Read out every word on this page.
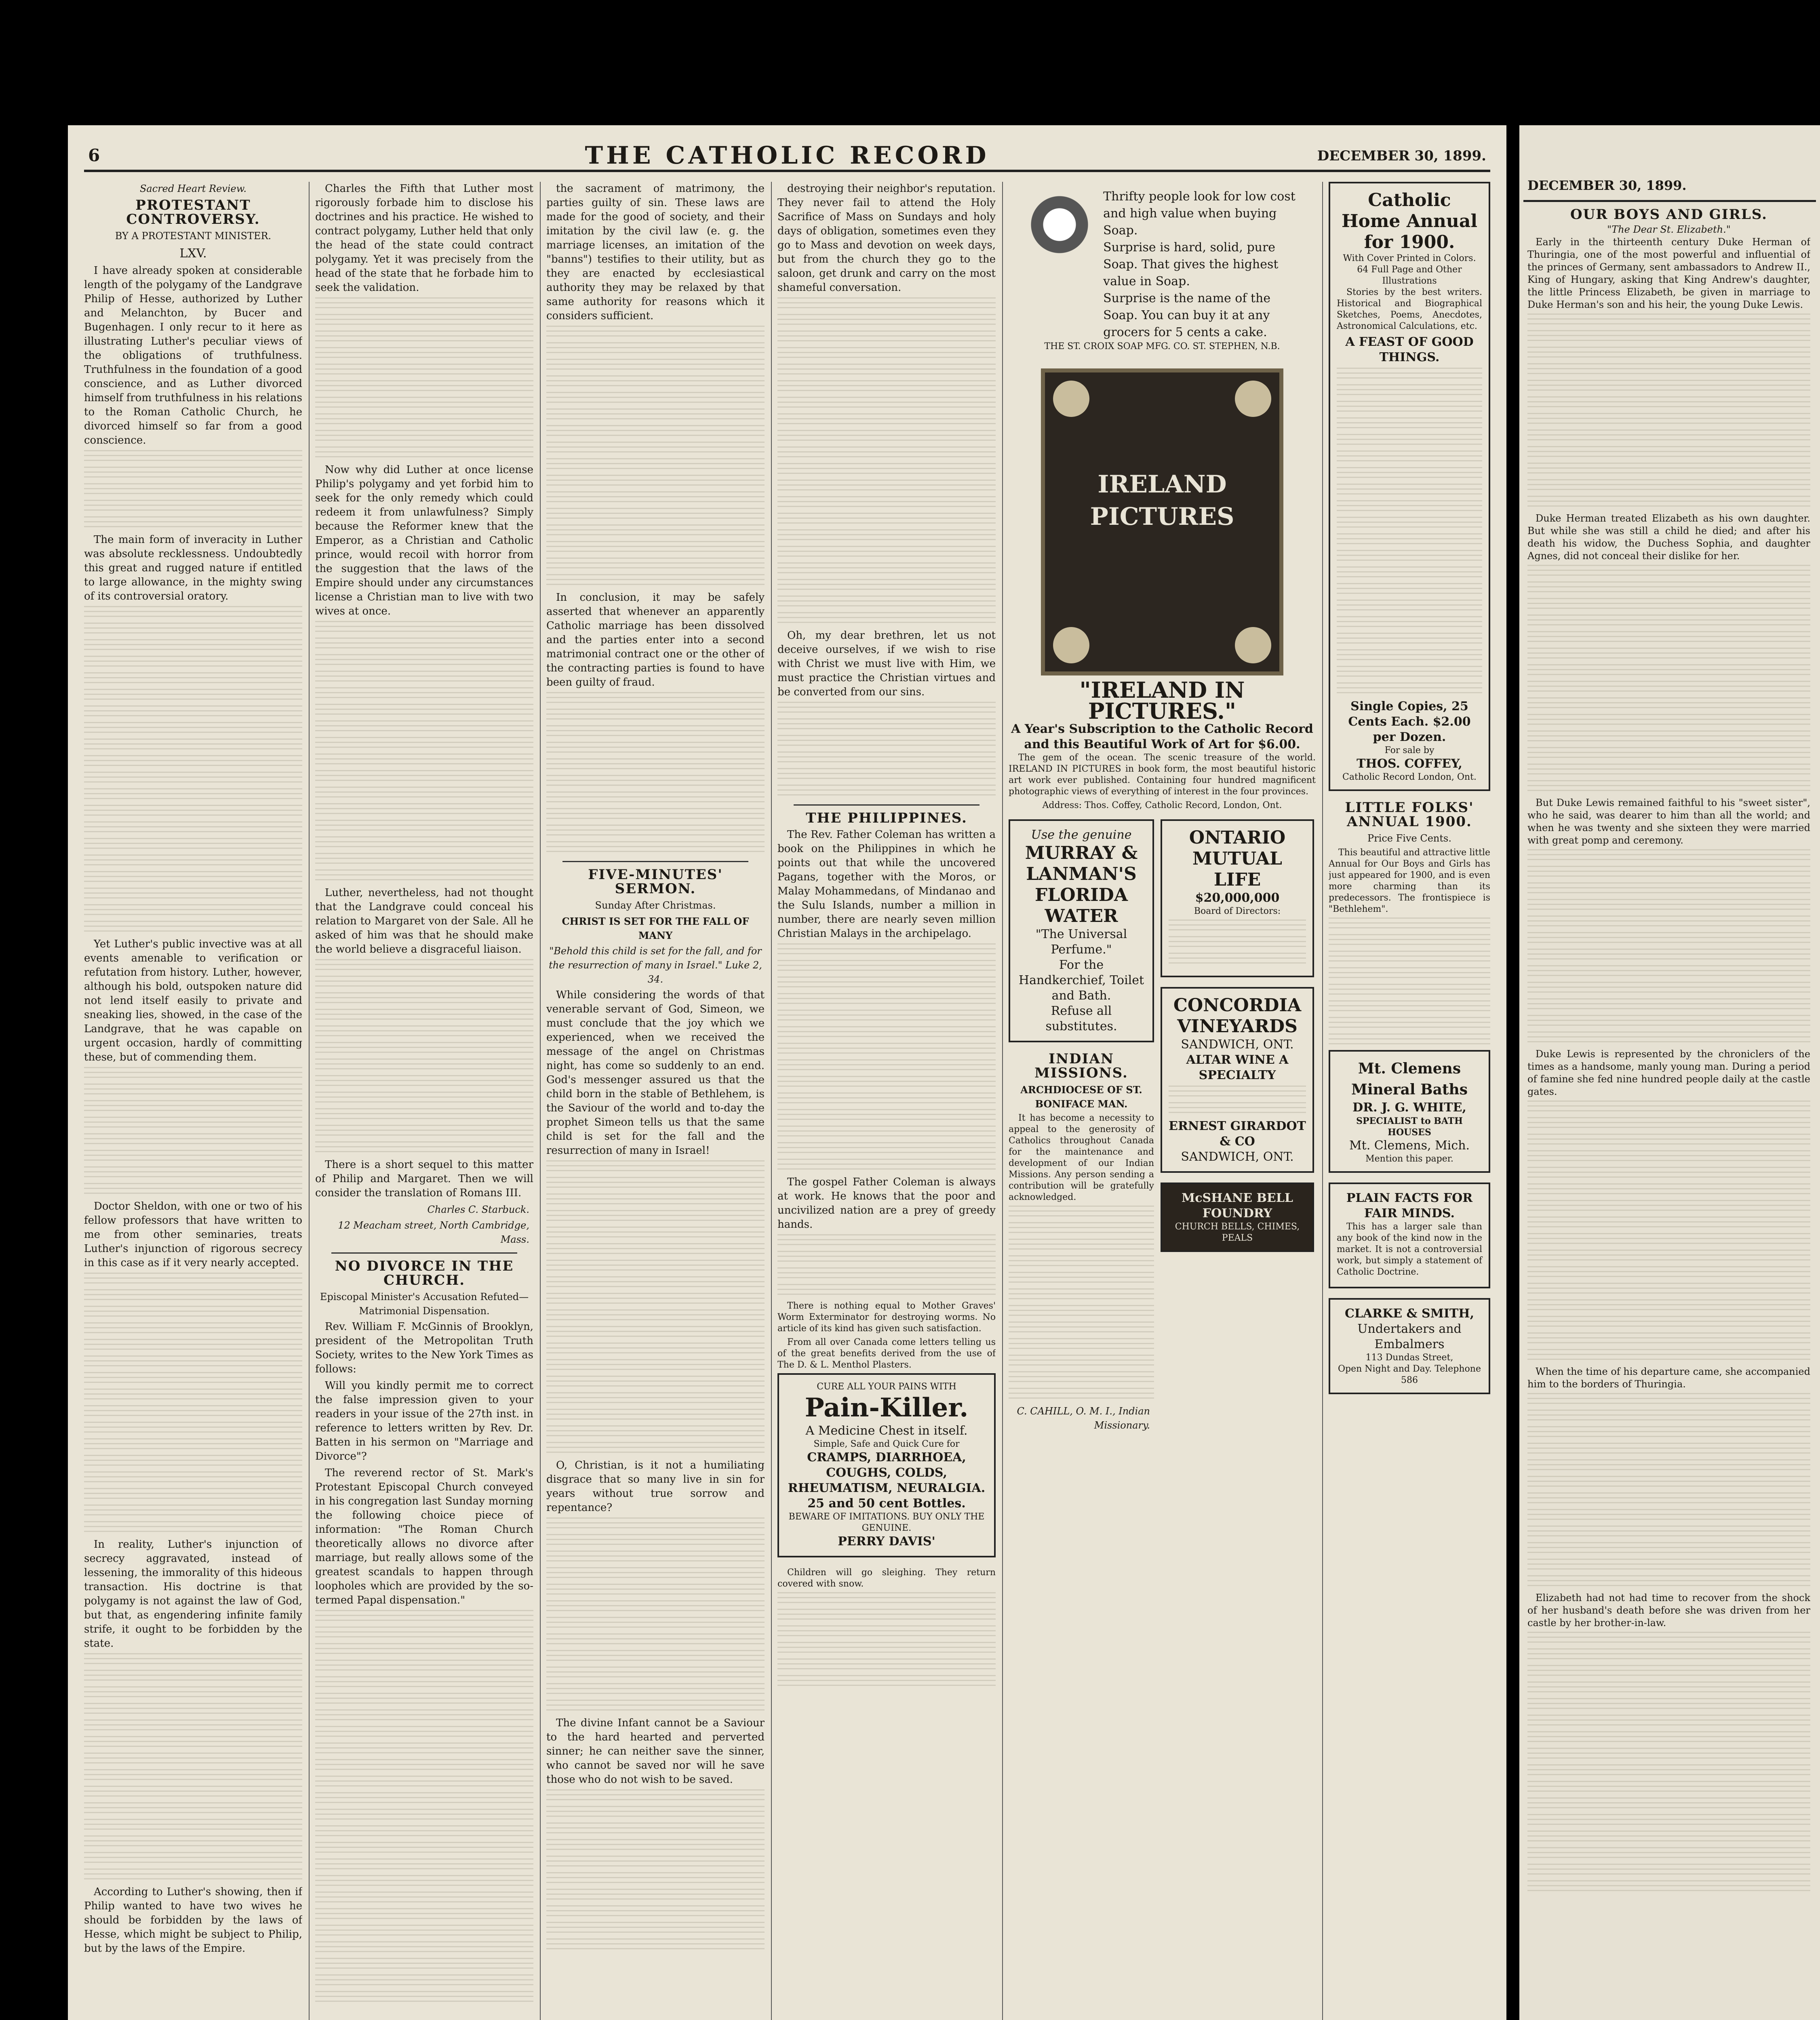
6	THE CATHOLIC RECORD	DECEMBER 30, 1899.
Sacred Heart Review.
PROTESTANT CONTROVERSY.
BY A PROTESTANT MINISTER.
LXV.

I have already spoken at considerable length of the polygamy of the Landgrave Philip of Hesse, authorized by Luther and Melanchton, by Bucer and Bugenhagen. I only recur to it here as illustrating Luther's peculiar views of the obligations of truthfulness. Truthfulness in the foundation of a good conscience, and as Luther divorced himself from truthfulness in his relations to the Roman Catholic Church, he divorced himself so far from a good conscience.

The main form of inveracity in Luther was absolute recklessness. Undoubtedly this great and rugged nature if entitled to large allowance, in the mighty swing of its controversial oratory.

Yet Luther's public invective was at all events amenable to verification or refutation from history. Luther, however, although his bold, outspoken nature did not lend itself easily to private and sneaking lies, showed, in the case of the Landgrave, that he was capable on urgent occasion, hardly of committing these, but of commending them.

Doctor Sheldon, with one or two of his fellow professors that have written to me from other seminaries, treats Luther's injunction of rigorous secrecy in this case as if it very nearly accepted.

In reality, Luther's injunction of secrecy aggravated, instead of lessening, the immorality of this hideous transaction. His doctrine is that polygamy is not against the law of God, but that, as engendering infinite family strife, it ought to be forbidden by the state.

According to Luther's showing, then if Philip wanted to have two wives he should be forbidden by the laws of Hesse, which might be subject to Philip, but by the laws of the Empire.

Charles the Fifth that Luther most rigorously forbade him to disclose his doctrines and his practice. He wished to contract polygamy, Luther held that only the head of the state could contract polygamy. Yet it was precisely from the head of the state that he forbade him to seek the validation.

Now why did Luther at once license Philip's polygamy and yet forbid him to seek for the only remedy which could redeem it from unlawfulness? Simply because the Reformer knew that the Emperor, as a Christian and Catholic prince, would recoil with horror from the suggestion that the laws of the Empire should under any circumstances license a Christian man to live with two wives at once.

Luther, nevertheless, had not thought that the Landgrave could conceal his relation to Margaret von der Sale. All he asked of him was that he should make the world believe a disgraceful liaison.

There is a short sequel to this matter of Philip and Margaret. Then we will consider the translation of Romans III.

Charles C. Starbuck.
12 Meacham street, North Cambridge, Mass.
NO DIVORCE IN THE CHURCH.
Episcopal Minister's Accusation Refuted—Matrimonial Dispensation.

Rev. William F. McGinnis of Brooklyn, president of the Metropolitan Truth Society, writes to the New York Times as follows:

Will you kindly permit me to correct the false impression given to your readers in your issue of the 27th inst. in reference to letters written by Rev. Dr. Batten in his sermon on "Marriage and Divorce"?

The reverend rector of St. Mark's Protestant Episcopal Church conveyed in his congregation last Sunday morning the following choice piece of information: "The Roman Church theoretically allows no divorce after marriage, but really allows some of the greatest scandals to happen through loopholes which are provided by the so-termed Papal dispensation."

the sacrament of matrimony, the parties guilty of sin. These laws are made for the good of society, and their imitation by the civil law (e. g. the marriage licenses, an imitation of the "banns") testifies to their utility, but as they are enacted by ecclesiastical authority they may be relaxed by that same authority for reasons which it considers sufficient.

In conclusion, it may be safely asserted that whenever an apparently Catholic marriage has been dissolved and the parties enter into a second matrimonial contract one or the other of the contracting parties is found to have been guilty of fraud.

FIVE-MINUTES' SERMON.
Sunday After Christmas.
CHRIST IS SET FOR THE FALL OF MANY
"Behold this child is set for the fall, and for the resurrection of many in Israel." Luke 2, 34.

While considering the words of that venerable servant of God, Simeon, we must conclude that the joy which we experienced, when we received the message of the angel on Christmas night, has come so suddenly to an end. God's messenger assured us that the child born in the stable of Bethlehem, is the Saviour of the world and to-day the prophet Simeon tells us that the same child is set for the fall and the resurrection of many in Israel!

O, Christian, is it not a humiliating disgrace that so many live in sin for years without true sorrow and repentance?

The divine Infant cannot be a Saviour to the hard hearted and perverted sinner; he can neither save the sinner, who cannot be saved nor will he save those who do not wish to be saved.

destroying their neighbor's reputation. They never fail to attend the Holy Sacrifice of Mass on Sundays and holy days of obligation, sometimes even they go to Mass and devotion on week days, but from the church they go to the saloon, get drunk and carry on the most shameful conversation.

Oh, my dear brethren, let us not deceive ourselves, if we wish to rise with Christ we must live with Him, we must practice the Christian virtues and be converted from our sins.

THE PHILIPPINES.

The Rev. Father Coleman has written a book on the Philippines in which he points out that while the uncovered Pagans, together with the Moros, or Malay Mohammedans, of Mindanao and the Sulu Islands, number a million in number, there are nearly seven million Christian Malays in the archipelago.

The gospel Father Coleman is always at work. He knows that the poor and uncivilized nation are a prey of greedy hands.

There is nothing equal to Mother Graves' Worm Exterminator for destroying worms. No article of its kind has given such satisfaction.

From all over Canada come letters telling us of the great benefits derived from the use of The D. & L. Menthol Plasters.

CURE ALL YOUR PAINS WITH
Pain-Killer.
A Medicine Chest in itself.
Simple, Safe and Quick Cure for
CRAMPS, DIARRHOEA, COUGHS, COLDS, RHEUMATISM, NEURALGIA.
25 and 50 cent Bottles.
BEWARE OF IMITATIONS. BUY ONLY THE GENUINE.
PERRY DAVIS'

Children will go sleighing. They return covered with snow.

Thrifty people look for low cost and high value when buying Soap.
Surprise is hard, solid, pure Soap. That gives the highest value in Soap.
Surprise is the name of the Soap. You can buy it at any grocers for 5 cents a cake.
THE ST. CROIX SOAP MFG. CO. ST. STEPHEN, N.B.
IRELAND
PICTURES
"IRELAND IN PICTURES."
A Year's Subscription to the Catholic Record and this Beautiful Work of Art for $6.00.

The gem of the ocean. The scenic treasure of the world. IRELAND IN PICTURES in book form, the most beautiful historic art work ever published. Containing four hundred magnificent photographic views of everything of interest in the four provinces.

Address: Thos. Coffey, Catholic Record, London, Ont.
Use the genuine
MURRAY & LANMAN'S FLORIDA WATER
"The Universal Perfume."
For the Handkerchief, Toilet and Bath.
Refuse all substitutes.
INDIAN MISSIONS.
ARCHDIOCESE OF ST. BONIFACE MAN.

It has become a necessity to appeal to the generosity of Catholics throughout Canada for the maintenance and development of our Indian Missions. Any person sending a contribution will be gratefully acknowledged.

C. CAHILL, O. M. I., Indian Missionary.
ONTARIO MUTUAL LIFE
$20,000,000
Board of Directors:
CONCORDIA VINEYARDS
SANDWICH, ONT.
ALTAR WINE A SPECIALTY
ERNEST GIRARDOT & CO
SANDWICH, ONT.
McSHANE BELL FOUNDRY
CHURCH BELLS, CHIMES, PEALS
Catholic Home Annual for 1900.
With Cover Printed in Colors. 64 Full Page and Other Illustrations

Stories by the best writers. Historical and Biographical Sketches, Poems, Anecdotes, Astronomical Calculations, etc.

A FEAST OF GOOD THINGS.
Single Copies, 25 Cents Each. $2.00 per Dozen.
For sale by
THOS. COFFEY,
Catholic Record London, Ont.
LITTLE FOLKS' ANNUAL 1900.
Price Five Cents.

This beautiful and attractive little Annual for Our Boys and Girls has just appeared for 1900, and is even more charming than its predecessors. The frontispiece is "Bethlehem".

Mt. Clemens Mineral Baths
DR. J. G. WHITE,
SPECIALIST to BATH HOUSES
Mt. Clemens, Mich.
Mention this paper.
PLAIN FACTS FOR FAIR MINDS.

This has a larger sale than any book of the kind now in the market. It is not a controversial work, but simply a statement of Catholic Doctrine.

CLARKE & SMITH,
Undertakers and Embalmers
113 Dundas Street,
Open Night and Day. Telephone 586
DECEMBER 30, 1899.
OUR BOYS AND GIRLS.
"The Dear St. Elizabeth."

Early in the thirteenth century Duke Herman of Thuringia, one of the most powerful and influential of the princes of Germany, sent ambassadors to Andrew II., King of Hungary, asking that King Andrew's daughter, the little Princess Elizabeth, be given in marriage to Duke Herman's son and his heir, the young Duke Lewis.

Duke Herman treated Elizabeth as his own daughter. But while she was still a child he died; and after his death his widow, the Duchess Sophia, and daughter Agnes, did not conceal their dislike for her.

But Duke Lewis remained faithful to his "sweet sister", who he said, was dearer to him than all the world; and when he was twenty and she sixteen they were married with great pomp and ceremony.

Duke Lewis is represented by the chroniclers of the times as a handsome, manly young man. During a period of famine she fed nine hundred people daily at the castle gates.

When the time of his departure came, she accompanied him to the borders of Thuringia.

Elizabeth had not had time to recover from the shock of her husband's death before she was driven from her castle by her brother-in-law.
